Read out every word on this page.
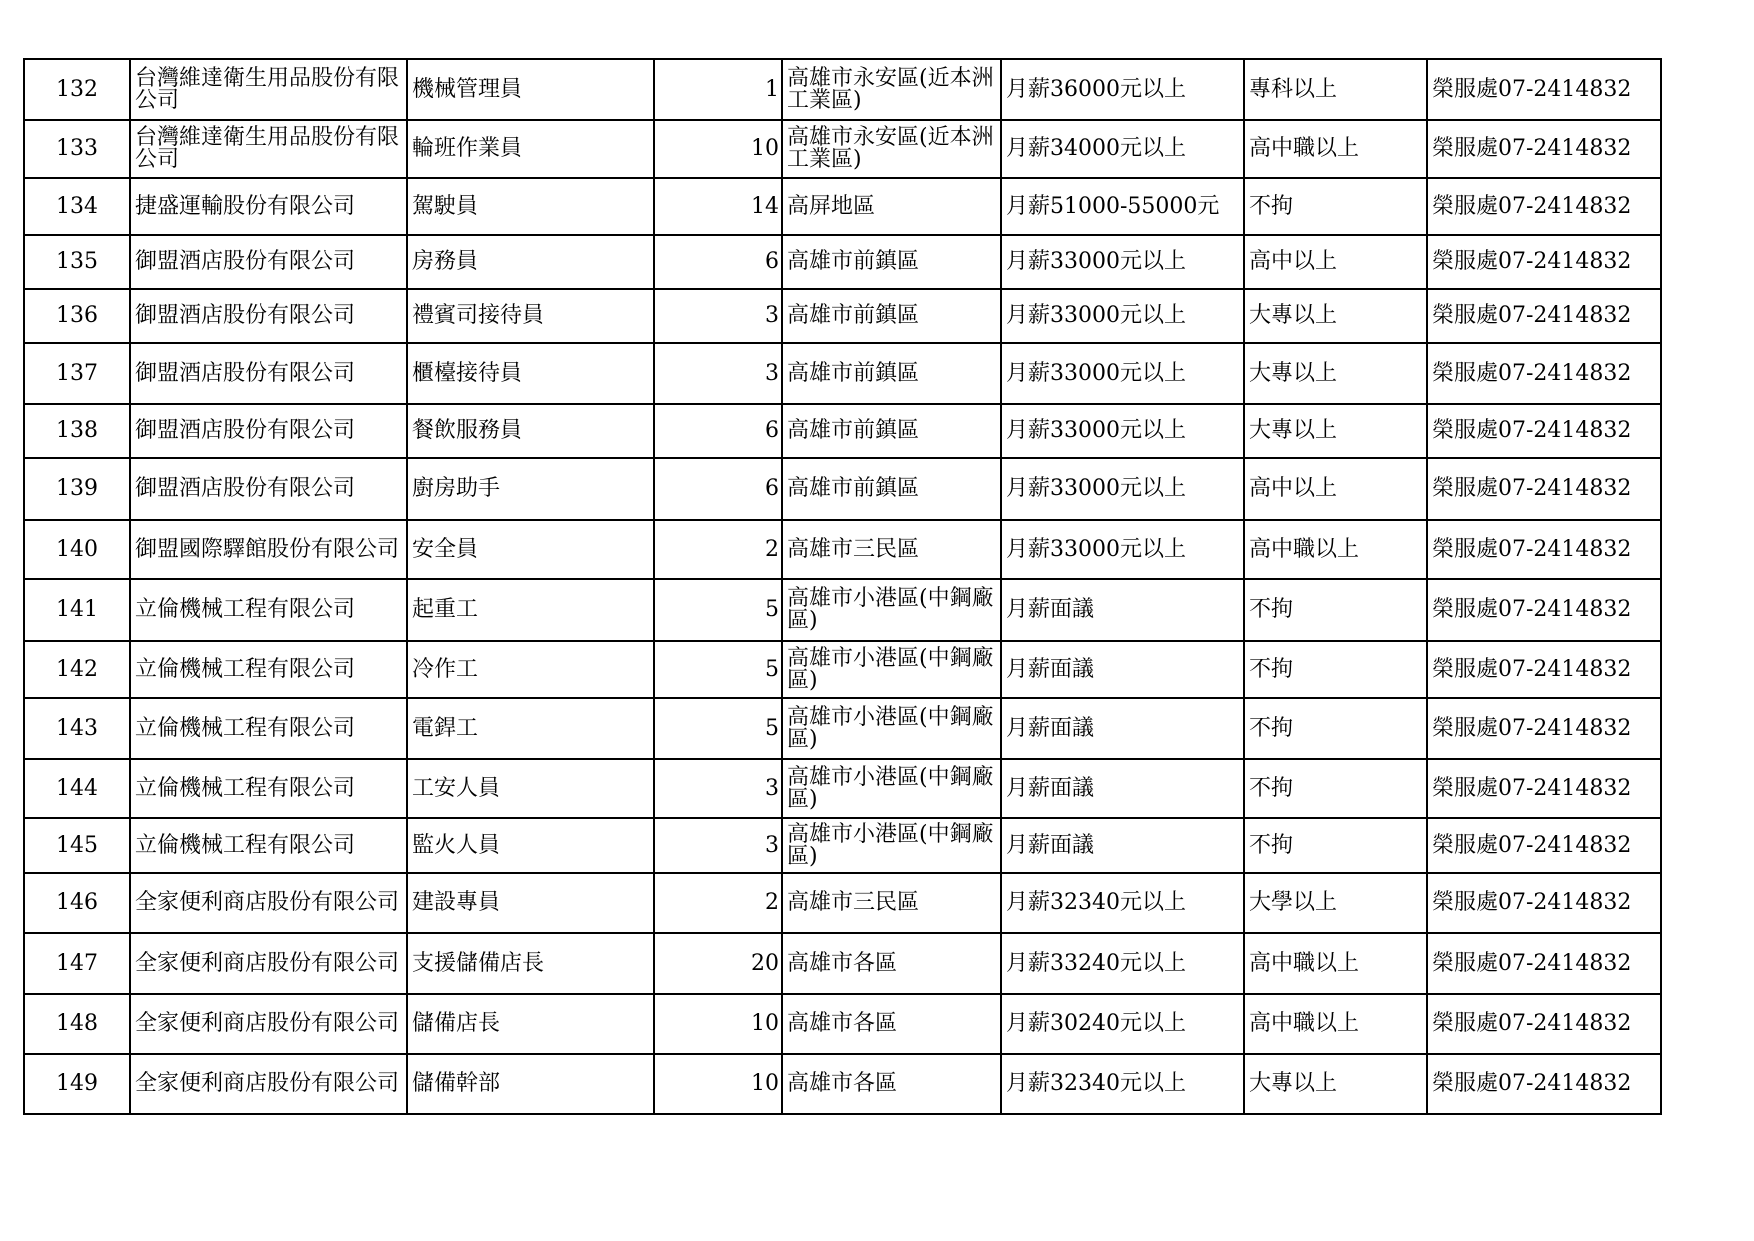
132	台灣維達衛生用品股份有限公司	機械管理員	1	高雄市永安區(近本洲工業區)	月薪36000元以上	專科以上	榮服處07-2414832
133	台灣維達衛生用品股份有限公司	輪班作業員	10	高雄市永安區(近本洲工業區)	月薪34000元以上	高中職以上	榮服處07-2414832
134	捷盛運輸股份有限公司	駕駛員	14	高屏地區	月薪51000-55000元	不拘	榮服處07-2414832
135	御盟酒店股份有限公司	房務員	6	高雄市前鎮區	月薪33000元以上	高中以上	榮服處07-2414832
136	御盟酒店股份有限公司	禮賓司接待員	3	高雄市前鎮區	月薪33000元以上	大專以上	榮服處07-2414832
137	御盟酒店股份有限公司	櫃檯接待員	3	高雄市前鎮區	月薪33000元以上	大專以上	榮服處07-2414832
138	御盟酒店股份有限公司	餐飲服務員	6	高雄市前鎮區	月薪33000元以上	大專以上	榮服處07-2414832
139	御盟酒店股份有限公司	廚房助手	6	高雄市前鎮區	月薪33000元以上	高中以上	榮服處07-2414832
140	御盟國際驛館股份有限公司	安全員	2	高雄市三民區	月薪33000元以上	高中職以上	榮服處07-2414832
141	立倫機械工程有限公司	起重工	5	高雄市小港區(中鋼廠區)	月薪面議	不拘	榮服處07-2414832
142	立倫機械工程有限公司	冷作工	5	高雄市小港區(中鋼廠區)	月薪面議	不拘	榮服處07-2414832
143	立倫機械工程有限公司	電銲工	5	高雄市小港區(中鋼廠區)	月薪面議	不拘	榮服處07-2414832
144	立倫機械工程有限公司	工安人員	3	高雄市小港區(中鋼廠區)	月薪面議	不拘	榮服處07-2414832
145	立倫機械工程有限公司	監火人員	3	高雄市小港區(中鋼廠區)	月薪面議	不拘	榮服處07-2414832
146	全家便利商店股份有限公司	建設專員	2	高雄市三民區	月薪32340元以上	大學以上	榮服處07-2414832
147	全家便利商店股份有限公司	支援儲備店長	20	高雄市各區	月薪33240元以上	高中職以上	榮服處07-2414832
148	全家便利商店股份有限公司	儲備店長	10	高雄市各區	月薪30240元以上	高中職以上	榮服處07-2414832
149	全家便利商店股份有限公司	儲備幹部	10	高雄市各區	月薪32340元以上	大專以上	榮服處07-2414832
